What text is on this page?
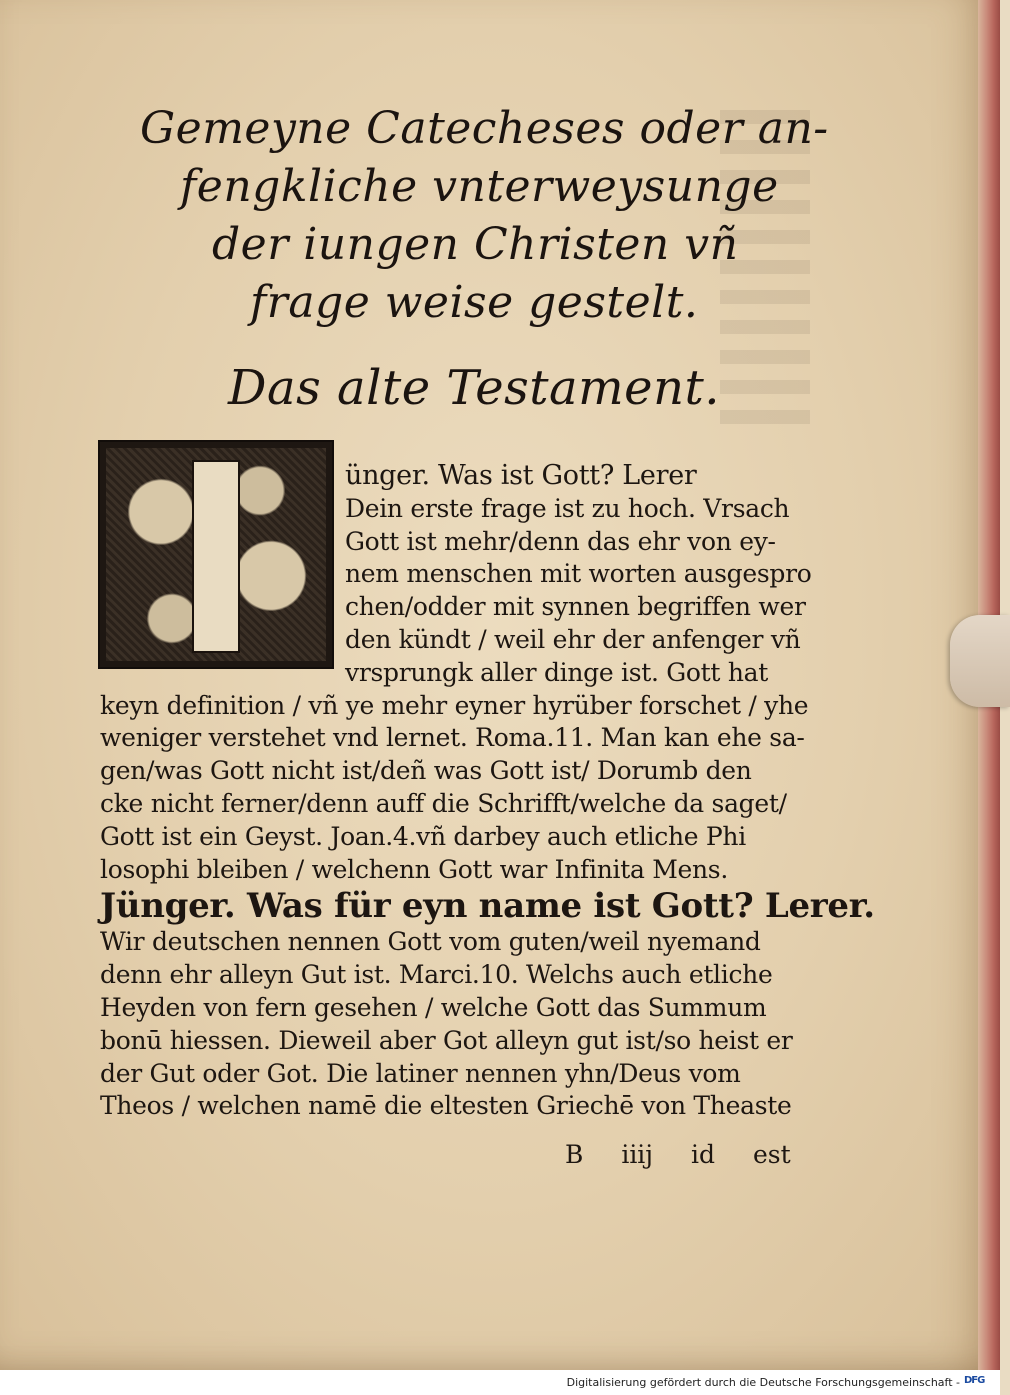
Gemeyne Catecheses oder an-
fengkliche vnterweysunge
der iungen Christen vñ
frage weise gestelt.
Das alte Testament.
ünger. Was ist Gott? Lerer
Dein erste frage ist zu hoch. Vrsach
Gott ist mehr/denn das ehr von ey-
nem menschen mit worten ausgespro
chen/odder mit synnen begriffen wer
den kündt / weil ehr der anfenger vñ
vrsprungk aller dinge ist. Gott hat
keyn definition / vñ ye mehr eyner hyrüber forschet / yhe
weniger verstehet vnd lernet. Roma.11. Man kan ehe sa-
gen/was Gott nicht ist/deñ was Gott ist/ Dorumb den
cke nicht ferner/denn auff die Schrifft/welche da saget/
Gott ist ein Geyst. Joan.4.vñ darbey auch etliche Phi
losophi bleiben / welchenn Gott war Infinita Mens.
Jünger. Was für eyn name ist Gott? Lerer.
Wir deutschen nennen Gott vom guten/weil nyemand
denn ehr alleyn Gut ist. Marci.10. Welchs auch etliche
Heyden von fern gesehen / welche Gott das Summum
bonū hiessen. Dieweil aber Got alleyn gut ist/so heist er
der Gut oder Got. Die latiner nennen yhn/Deus vom
Theos / welchen namē die eltesten Griechē von Theaste
B iiij id est
Digitalisierung gefördert durch die Deutsche Forschungsgemeinschaft - DFG
